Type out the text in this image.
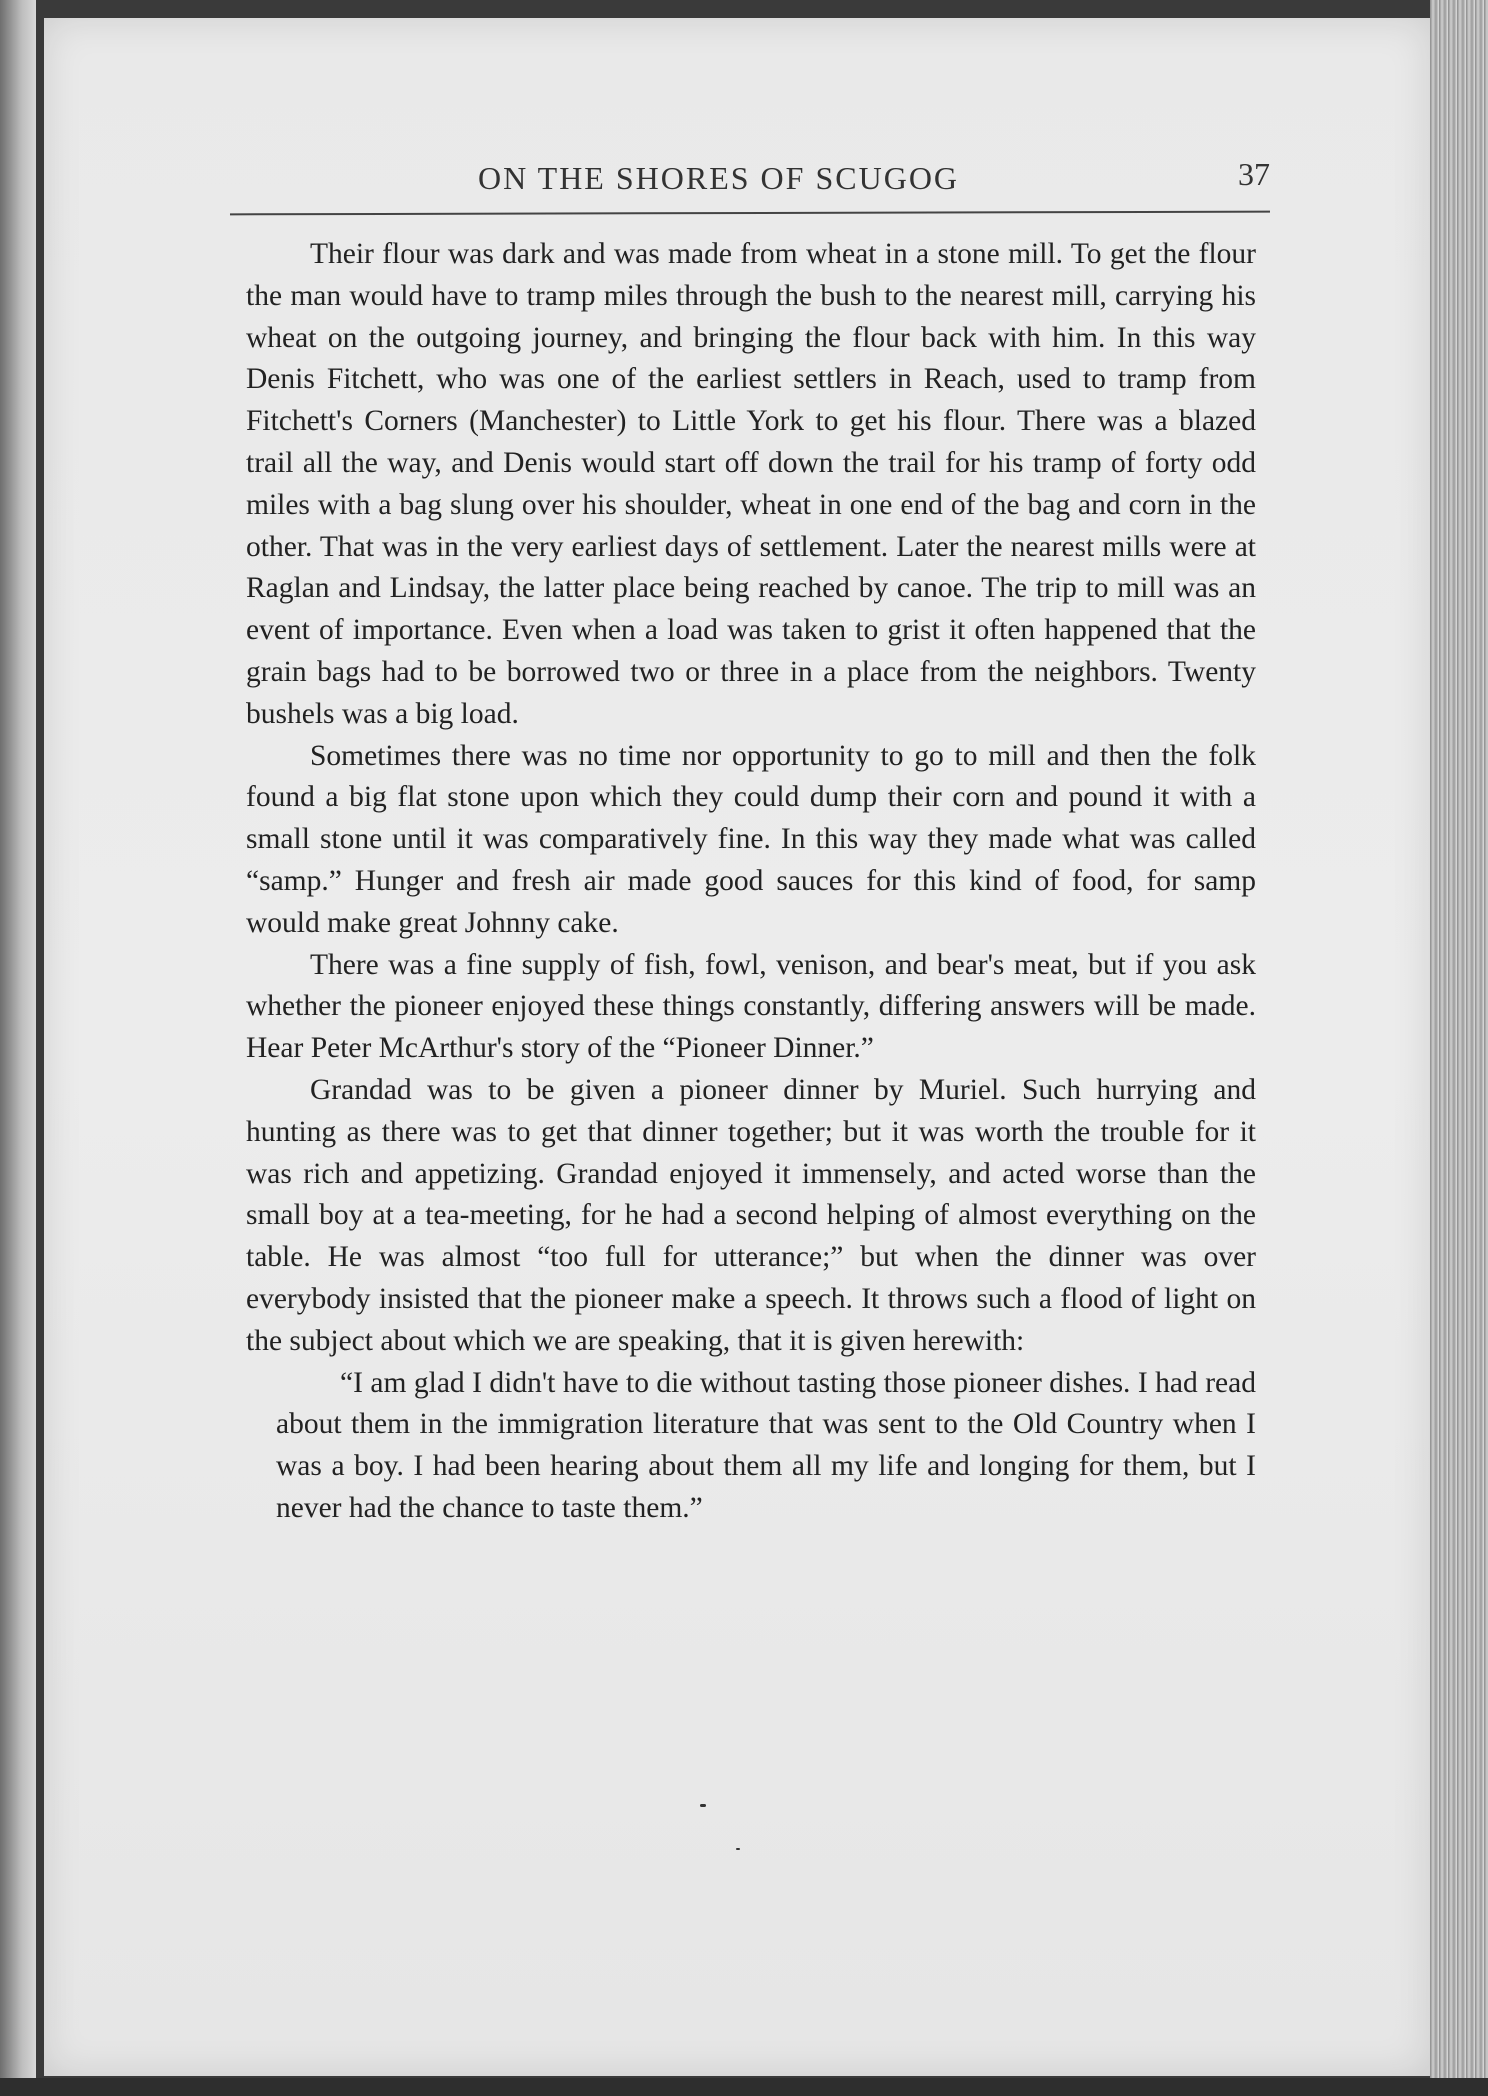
ON THE SHORES OF SCUGOG	37

Their flour was dark and was made from wheat in a stone mill. To get the flour the man would have to tramp miles through the bush to the nearest mill, carrying his wheat on the outgoing journey, and bringing the flour back with him. In this way Denis Fitchett, who was one of the earliest settlers in Reach, used to tramp from Fitchett's Corners (Manchester) to Little York to get his flour. There was a blazed trail all the way, and Denis would start off down the trail for his tramp of forty odd miles with a bag slung over his shoulder, wheat in one end of the bag and corn in the other. That was in the very earliest days of settlement. Later the nearest mills were at Raglan and Lindsay, the latter place being reached by canoe. The trip to mill was an event of importance. Even when a load was taken to grist it often happened that the grain bags had to be borrowed two or three in a place from the neighbors. Twenty bushels was a big load.

Sometimes there was no time nor opportunity to go to mill and then the folk found a big flat stone upon which they could dump their corn and pound it with a small stone until it was comparatively fine. In this way they made what was called “samp.” Hunger and fresh air made good sauces for this kind of food, for samp would make great Johnny cake.

There was a fine supply of fish, fowl, venison, and bear's meat, but if you ask whether the pioneer enjoyed these things constantly, differing answers will be made. Hear Peter McArthur's story of the “Pioneer Dinner.”

Grandad was to be given a pioneer dinner by Muriel. Such hurrying and hunting as there was to get that dinner together; but it was worth the trouble for it was rich and appetizing. Grandad enjoyed it immensely, and acted worse than the small boy at a tea-meeting, for he had a second helping of almost everything on the table. He was almost “too full for utterance;” but when the dinner was over everybody insisted that the pioneer make a speech. It throws such a flood of light on the subject about which we are speaking, that it is given herewith:

“I am glad I didn't have to die without tasting those pioneer dishes. I had read about them in the immigration literature that was sent to the Old Country when I was a boy. I had been hearing about them all my life and longing for them, but I never had the chance to taste them.”
